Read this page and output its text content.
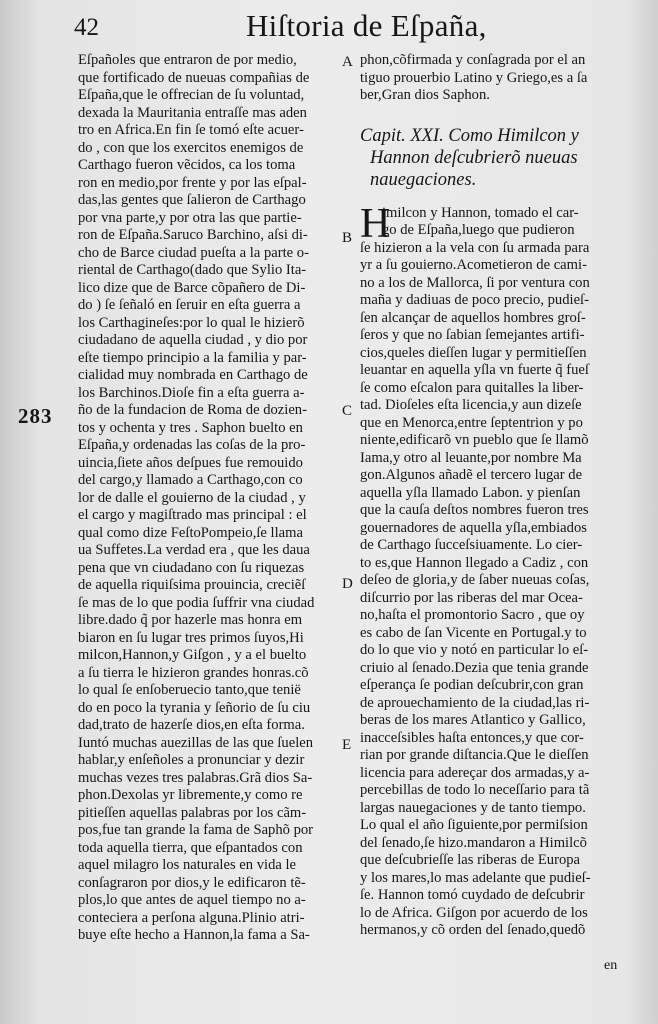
42	Hiſtoria de Eſpaña,
283
A
B
C
D
E
Eſpañoles que entraron de por medio,
que fortificado de nueuas compañias de
Eſpaña,que le offrecian de ſu voluntad,
dexada la Mauritania entraſſe mas aden
tro en Africa.En fin ſe tomó eſte acuer-
do , con que los exercitos enemigos de
Carthago fueron vẽcidos, ca los toma
ron en medio,por frente y por las eſpal-
das,las gentes que ſalieron de Carthago
por vna parte,y por otra las que partie-
ron de Eſpaña.Saruco Barchino, aſsi di-
cho de Barce ciudad pueſta a la parte o-
riental de Carthago(dado que Sylio Ita-
lico dize que de Barce cõpañero de Di-
do ) ſe ſeñaló en ſeruir en eſta guerra a
los Carthagineſes:por lo qual le hizierõ
ciudadano de aquella ciudad , y dio por
eſte tiempo principio a la familia y par-
cialidad muy nombrada en Carthago de
los Barchinos.Dioſe fin a eſta guerra a-
ño de la fundacion de Roma de dozien-
tos y ochenta y tres . Saphon buelto en
Eſpaña,y ordenadas las coſas de la pro-
uincia,ſiete años deſpues fue remouido
del cargo,y llamado a Carthago,con co
lor de dalle el gouierno de la ciudad , y
el cargo y magiſtrado mas principal : el
qual como dize FeſtoPompeio,ſe llama
ua Suffetes.La verdad era , que les daua
pena que vn ciudadano con ſu riquezas
de aquella riquiſsima prouincia, creciẽſ
ſe mas de lo que podia ſuffrir vna ciudad
libre.dado q̃ por hazerle mas honra em
biaron en ſu lugar tres primos ſuyos,Hi
milcon,Hannon,y Giſgon , y a el buelto
a ſu tierra le hizieron grandes honras.cõ
lo qual ſe enſoberuecio tanto,que tenië
do en poco la tyrania y ſeñorio de ſu ciu
dad,trato de hazerſe dios,en eſta forma.
Iuntó muchas auezillas de las que ſuelen
hablar,y enſeñoles a pronunciar y dezir
muchas vezes tres palabras.Grã dios Sa-
phon.Dexolas yr libremente,y como re
pitieſſen aquellas palabras por los cãm-
pos,fue tan grande la fama de Saphõ por
toda aquella tierra, que eſpantados con
aquel milagro los naturales en vida le
conſagraron por dios,y le edificaron tẽ-
plos,lo que antes de aquel tiempo no a-
conteciera a perſona alguna.Plinio atri-
buye eſte hecho a Hannon,la fama a Sa-
phon,cõfirmada y conſagrada por el an
tiguo prouerbio Latino y Griego,es a ſa
ber,Gran dios Saphon.
Capit. XXI. Como Himilcon y
Hannon deſcubrierõ nueuas
nauegaciones.
H
imilcon y Hannon, tomado el car-
go de Eſpaña,luego que pudieron
ſe hizieron a la vela con ſu armada para
yr a ſu gouierno.Acometieron de cami-
no a los de Mallorca, ſi por ventura con
maña y dadiuas de poco precio, pudieſ-
ſen alcançar de aquellos hombres groſ-
ſeros y que no ſabian ſemejantes artifi-
cios,queles dieſſen lugar y permitieſſen
leuantar en aquella yſla vn fuerte q̃ fueſ
ſe como eſcalon para quitalles la liber-
tad. Dioſeles eſta licencia,y aun dizeſe
que en Menorca,entre ſeptentrion y po
niente,edificarõ vn pueblo que ſe llamõ
Iama,y otro al leuante,por nombre Ma
gon.Algunos añadẽ el tercero lugar de
aquella yſla llamado Labon. y pienſan
que la cauſa deſtos nombres fueron tres
gouernadores de aquella yſla,embiados
de Carthago ſucceſsiuamente. Lo cier-
to es,que Hannon llegado a Cadiz , con
deſeo de gloria,y de ſaber nueuas coſas,
diſcurrio por las riberas del mar Ocea-
no,haſta el promontorio Sacro , que oy
es cabo de ſan Vicente en Portugal.y to
do lo que vio y notó en particular lo eſ-
criuio al ſenado.Dezia que tenia grande
eſperança ſe podian deſcubrir,con gran
de aprouechamiento de la ciudad,las ri-
beras de los mares Atlantico y Gallico,
inacceſsibles haſta entonces,y que cor-
rian por grande diſtancia.Que le dieſſen
licencia para adereçar dos armadas,y a-
percebillas de todo lo neceſſario para tã
largas nauegaciones y de tanto tiempo.
Lo qual el año ſiguiente,por permiſsion
del ſenado,ſe hizo.mandaron a Himilcõ
que deſcubrieſſe las riberas de Europa
y los mares,lo mas adelante que pudieſ-
ſe. Hannon tomó cuydado de deſcubrir
lo de Africa. Giſgon por acuerdo de los
hermanos,y cõ orden del ſenado,quedõ
en
